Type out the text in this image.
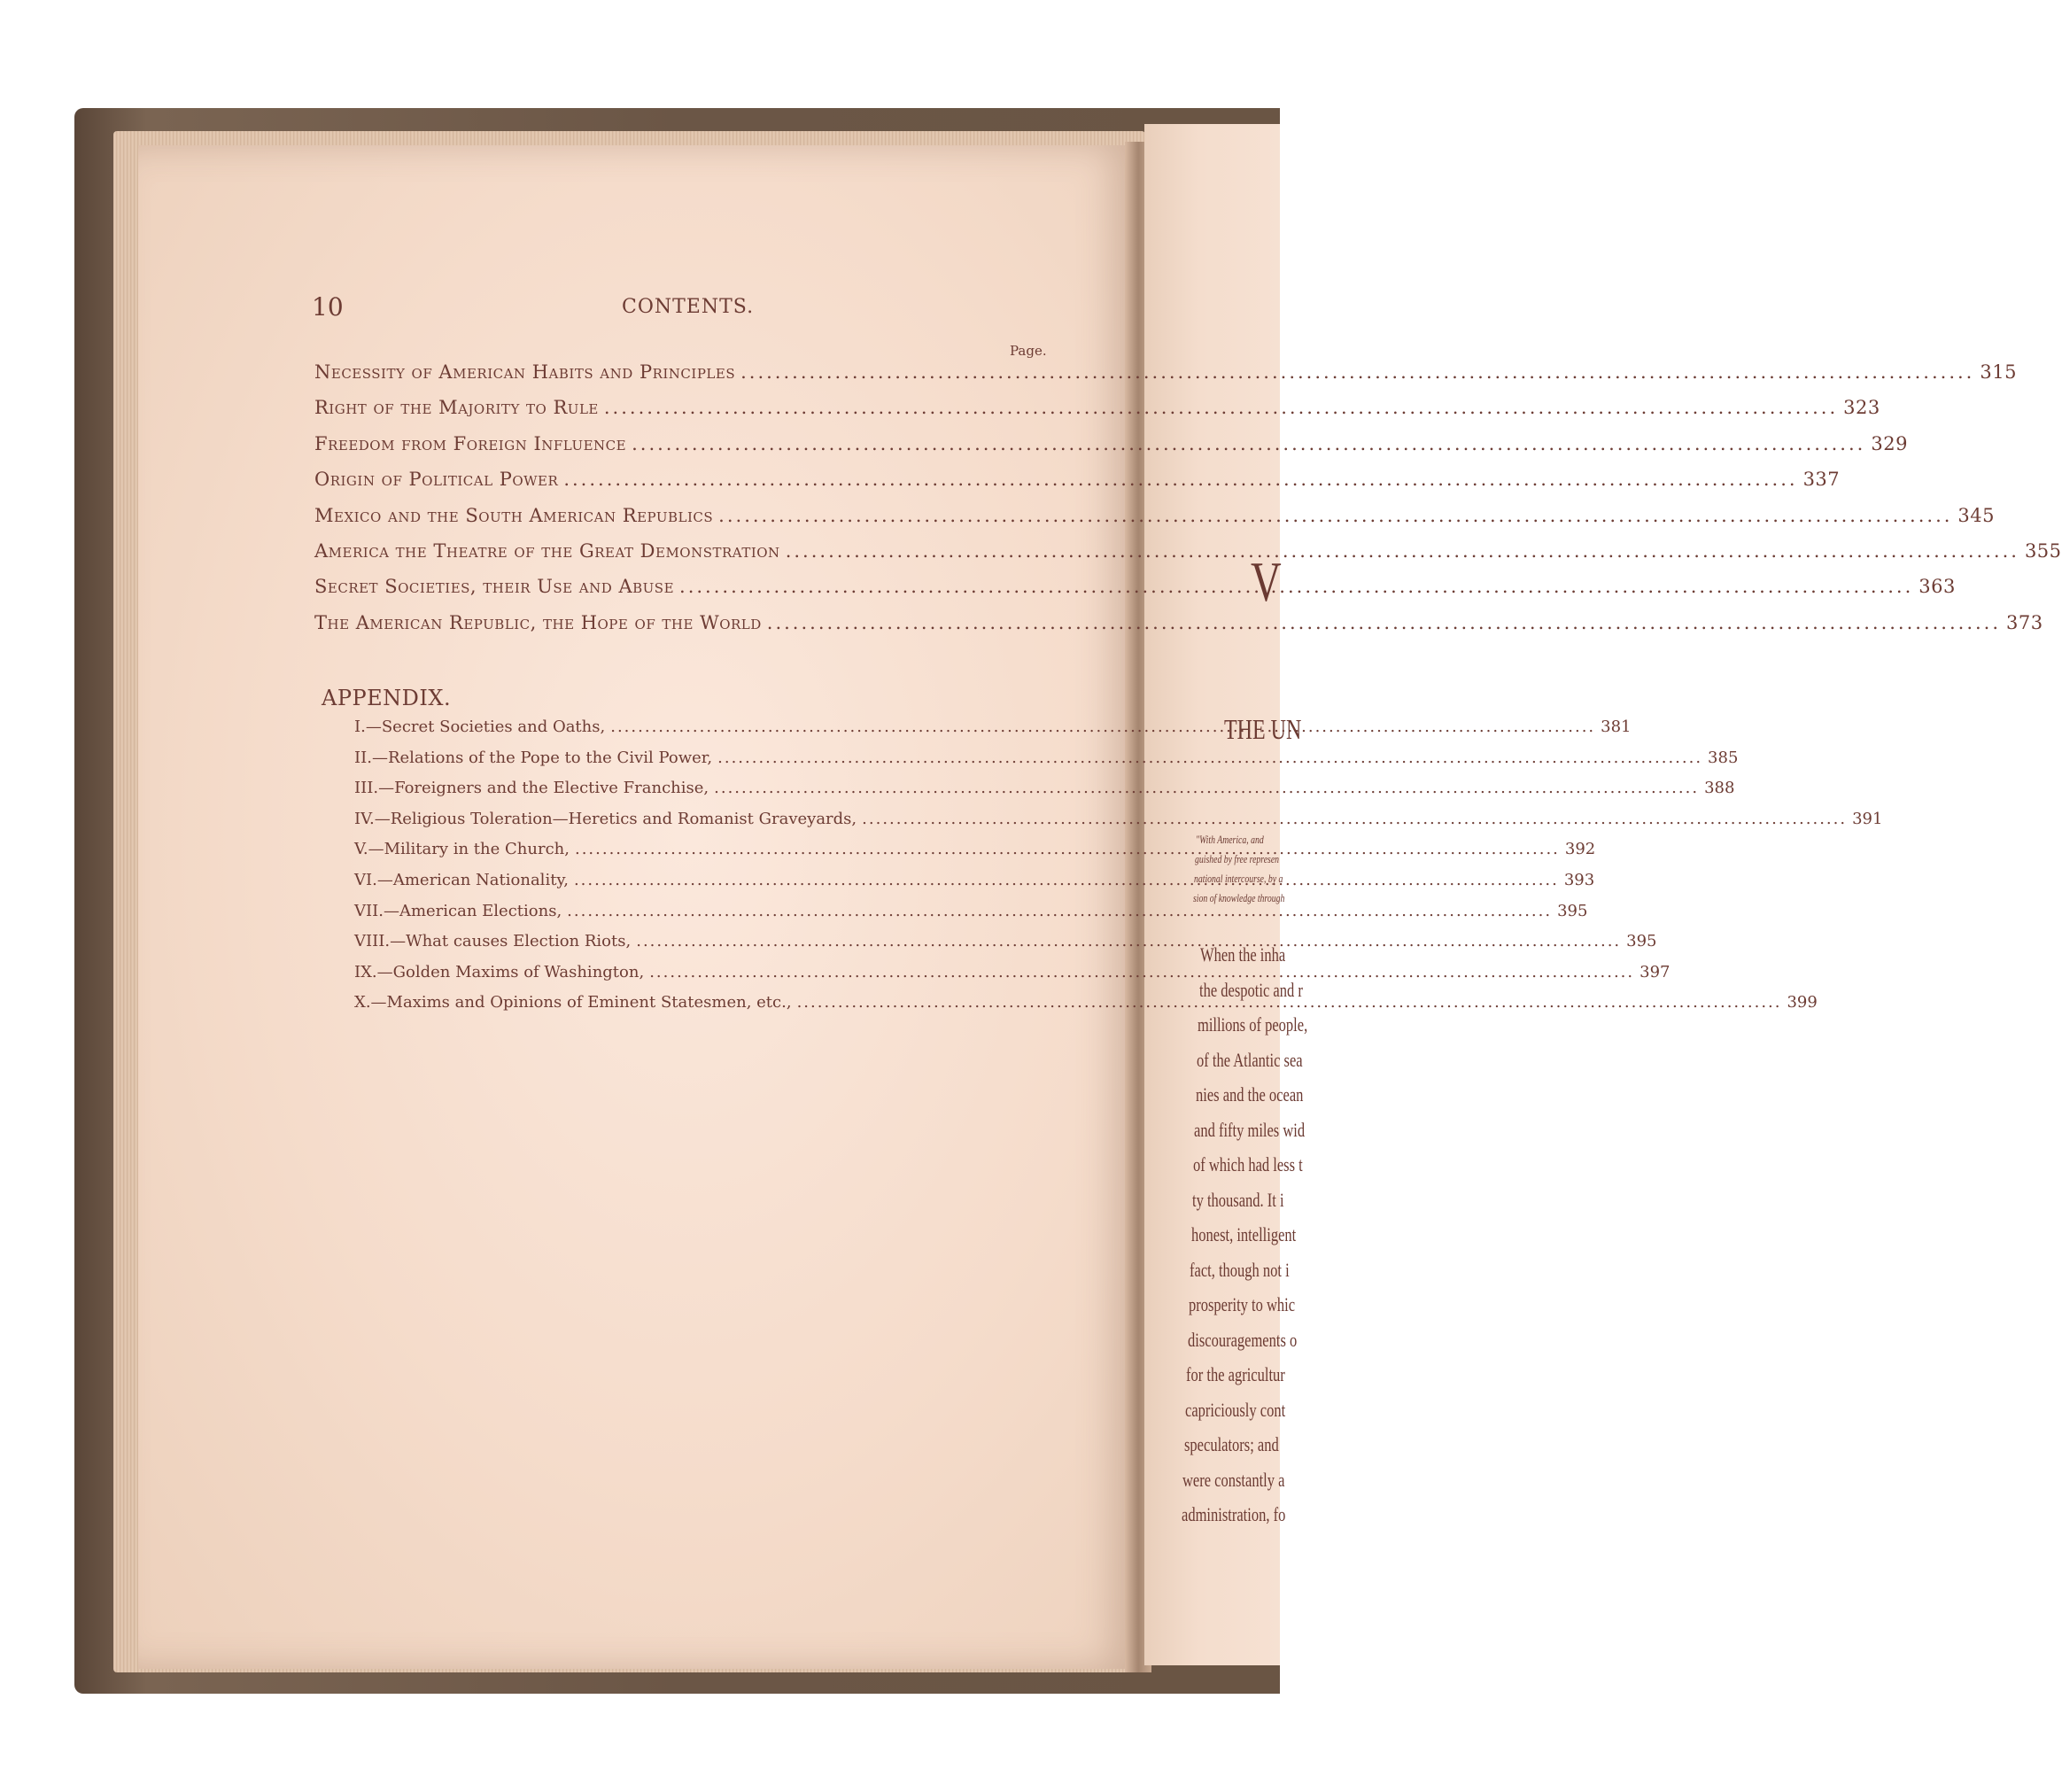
V
THE UN
"With America, and
guished by free represen
national intercourse, by a
sion of knowledge through
When the inha
the despotic and r
millions of people,
of the Atlantic sea
nies and the ocean
and fifty miles wid
of which had less t
ty thousand. It i
honest, intelligent
fact, though not i
prosperity to whic
discouragements o
for the agricultur
capriciously cont
speculators; and
were constantly a
administration, fo
10	CONTENTS.
Page.
Necessity of American Habits and Principles .....	315
Right of the Majority to Rule .....	323
Freedom from Foreign Influence .....	329
Origin of Political Power .....	337
Mexico and the South American Republics .....	345
America the Theatre of the Great Demonstration .....	355
Secret Societies, their Use and Abuse .....	363
The American Republic, the Hope of the World .....	373
APPENDIX.
I. —Secret Societies and Oaths, .....	381
II. —Relations of the Pope to the Civil Power, .....	385
III. —Foreigners and the Elective Franchise, .....	388
IV. —Religious Toleration—Heretics and Romanist Graveyards, .....	391
V. —Military in the Church, .....	392
VI. —American Nationality, .....	393
VII. —American Elections, .....	395
VIII. —What causes Election Riots, .....	395
IX. —Golden Maxims of Washington, .....	397
X. —Maxims and Opinions of Eminent Statesmen, etc., .....	399
